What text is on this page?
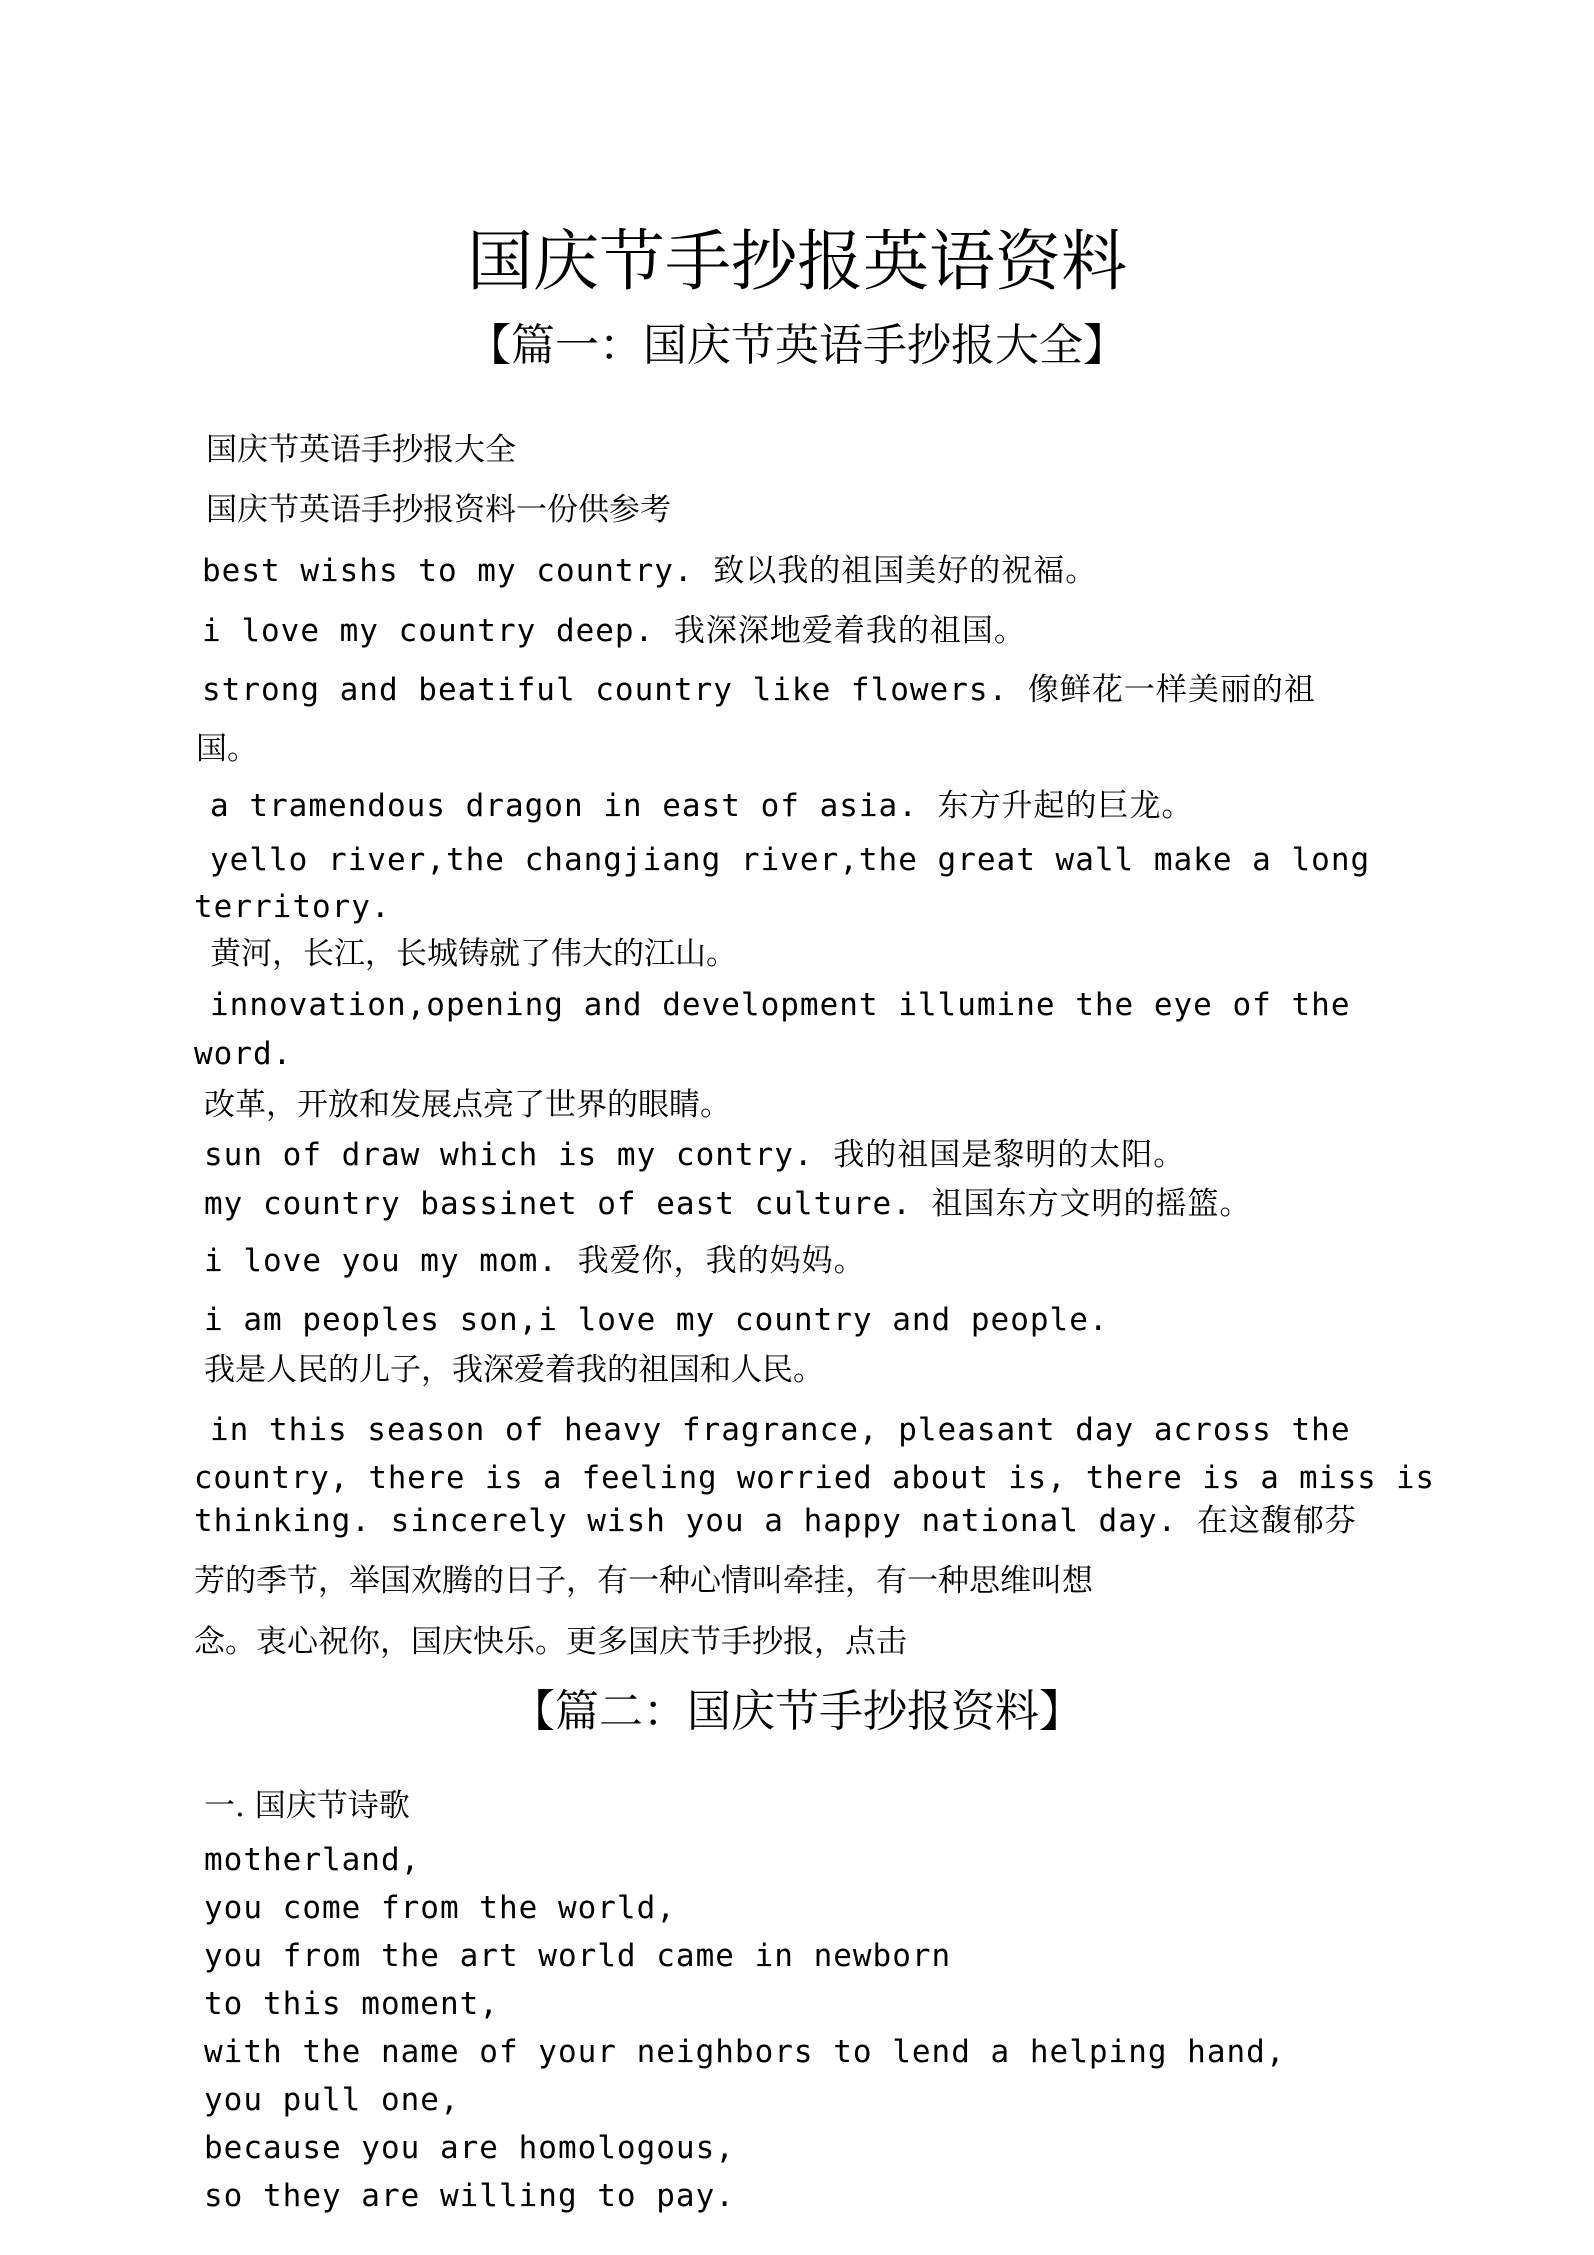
国庆节手抄报英语资料
【篇一：国庆节英语手抄报大全】
国庆节英语手抄报大全
国庆节英语手抄报资料一份供参考
best wishs to my country. 致以我的祖国美好的祝福。
i love my country deep. 我深深地爱着我的祖国。
strong and beatiful country like flowers. 像鲜花一样美丽的祖
国。
a tramendous dragon in east of asia. 东方升起的巨龙。
yello river,the changjiang river,the great wall make a long
territory.
黄河，长江，长城铸就了伟大的江山。
innovation,opening and development illumine the eye of the
word.
改革，开放和发展点亮了世界的眼睛。
sun of draw which is my contry. 我的祖国是黎明的太阳。
my country bassinet of east culture. 祖国东方文明的摇篮。
i love you my mom. 我爱你，我的妈妈。
i am peoples son,i love my country and people.
我是人民的儿子，我深爱着我的祖国和人民。
in this season of heavy fragrance, pleasant day across the
country, there is a feeling worried about is, there is a miss is
thinking. sincerely wish you a happy national day. 在这馥郁芬
芳的季节，举国欢腾的日子，有一种心情叫牵挂，有一种思维叫想
念。衷心祝你，国庆快乐。更多国庆节手抄报，点击
【篇二：国庆节手抄报资料】
一. 国庆节诗歌
motherland,
you come from the world,
you from the art world came in newborn
to this moment,
with the name of your neighbors to lend a helping hand,
you pull one,
because you are homologous,
so they are willing to pay.
